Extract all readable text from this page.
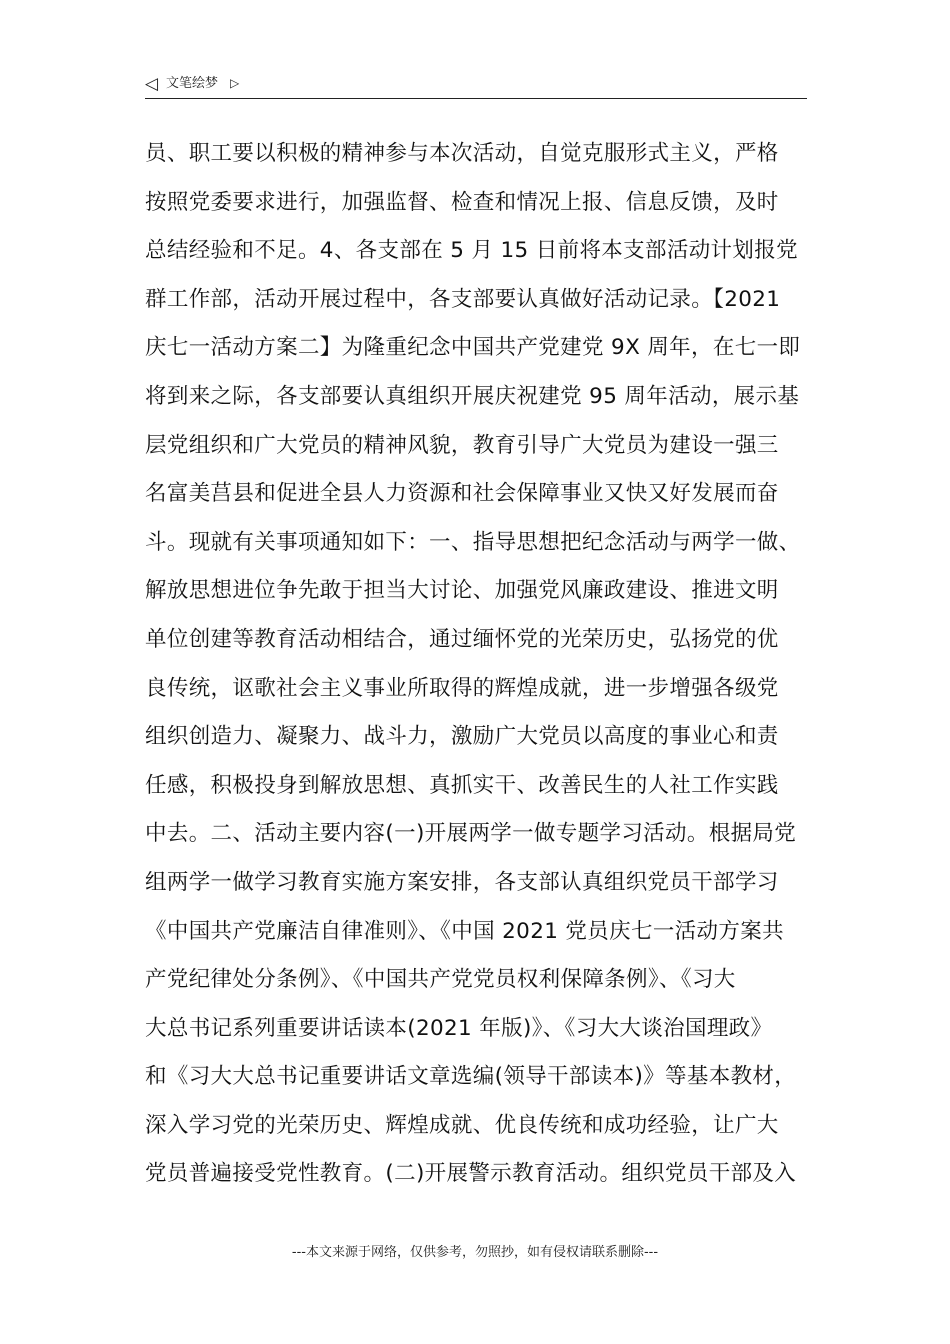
◁ 文笔绘梦 ▷
员、职工要以积极的精神参与本次活动，自觉克服形式主义，严格
按照党委要求进行，加强监督、检查和情况上报、信息反馈，及时
总结经验和不足。4、各支部在 5 月 15 日前将本支部活动计划报党
群工作部，活动开展过程中，各支部要认真做好活动记录。【2021
庆七一活动方案二】为隆重纪念中国共产党建党 9X 周年，在七一即
将到来之际，各支部要认真组织开展庆祝建党 95 周年活动，展示基
层党组织和广大党员的精神风貌，教育引导广大党员为建设一强三
名富美莒县和促进全县人力资源和社会保障事业又快又好发展而奋
斗。现就有关事项通知如下：一、指导思想把纪念活动与两学一做、
解放思想进位争先敢于担当大讨论、加强党风廉政建设、推进文明
单位创建等教育活动相结合，通过缅怀党的光荣历史，弘扬党的优
良传统，讴歌社会主义事业所取得的辉煌成就，进一步增强各级党
组织创造力、凝聚力、战斗力，激励广大党员以高度的事业心和责
任感，积极投身到解放思想、真抓实干、改善民生的人社工作实践
中去。二、活动主要内容(一)开展两学一做专题学习活动。根据局党
组两学一做学习教育实施方案安排，各支部认真组织党员干部学习
《中国共产党廉洁自律准则》、《中国 2021 党员庆七一活动方案共
产党纪律处分条例》、《中国共产党党员权利保障条例》、《习大
大总书记系列重要讲话读本(2021 年版)》、《习大大谈治国理政》
和《习大大总书记重要讲话文章选编(领导干部读本)》等基本教材，
深入学习党的光荣历史、辉煌成就、优良传统和成功经验，让广大
党员普遍接受党性教育。(二)开展警示教育活动。组织党员干部及入
---本文来源于网络，仅供参考，勿照抄，如有侵权请联系删除---
